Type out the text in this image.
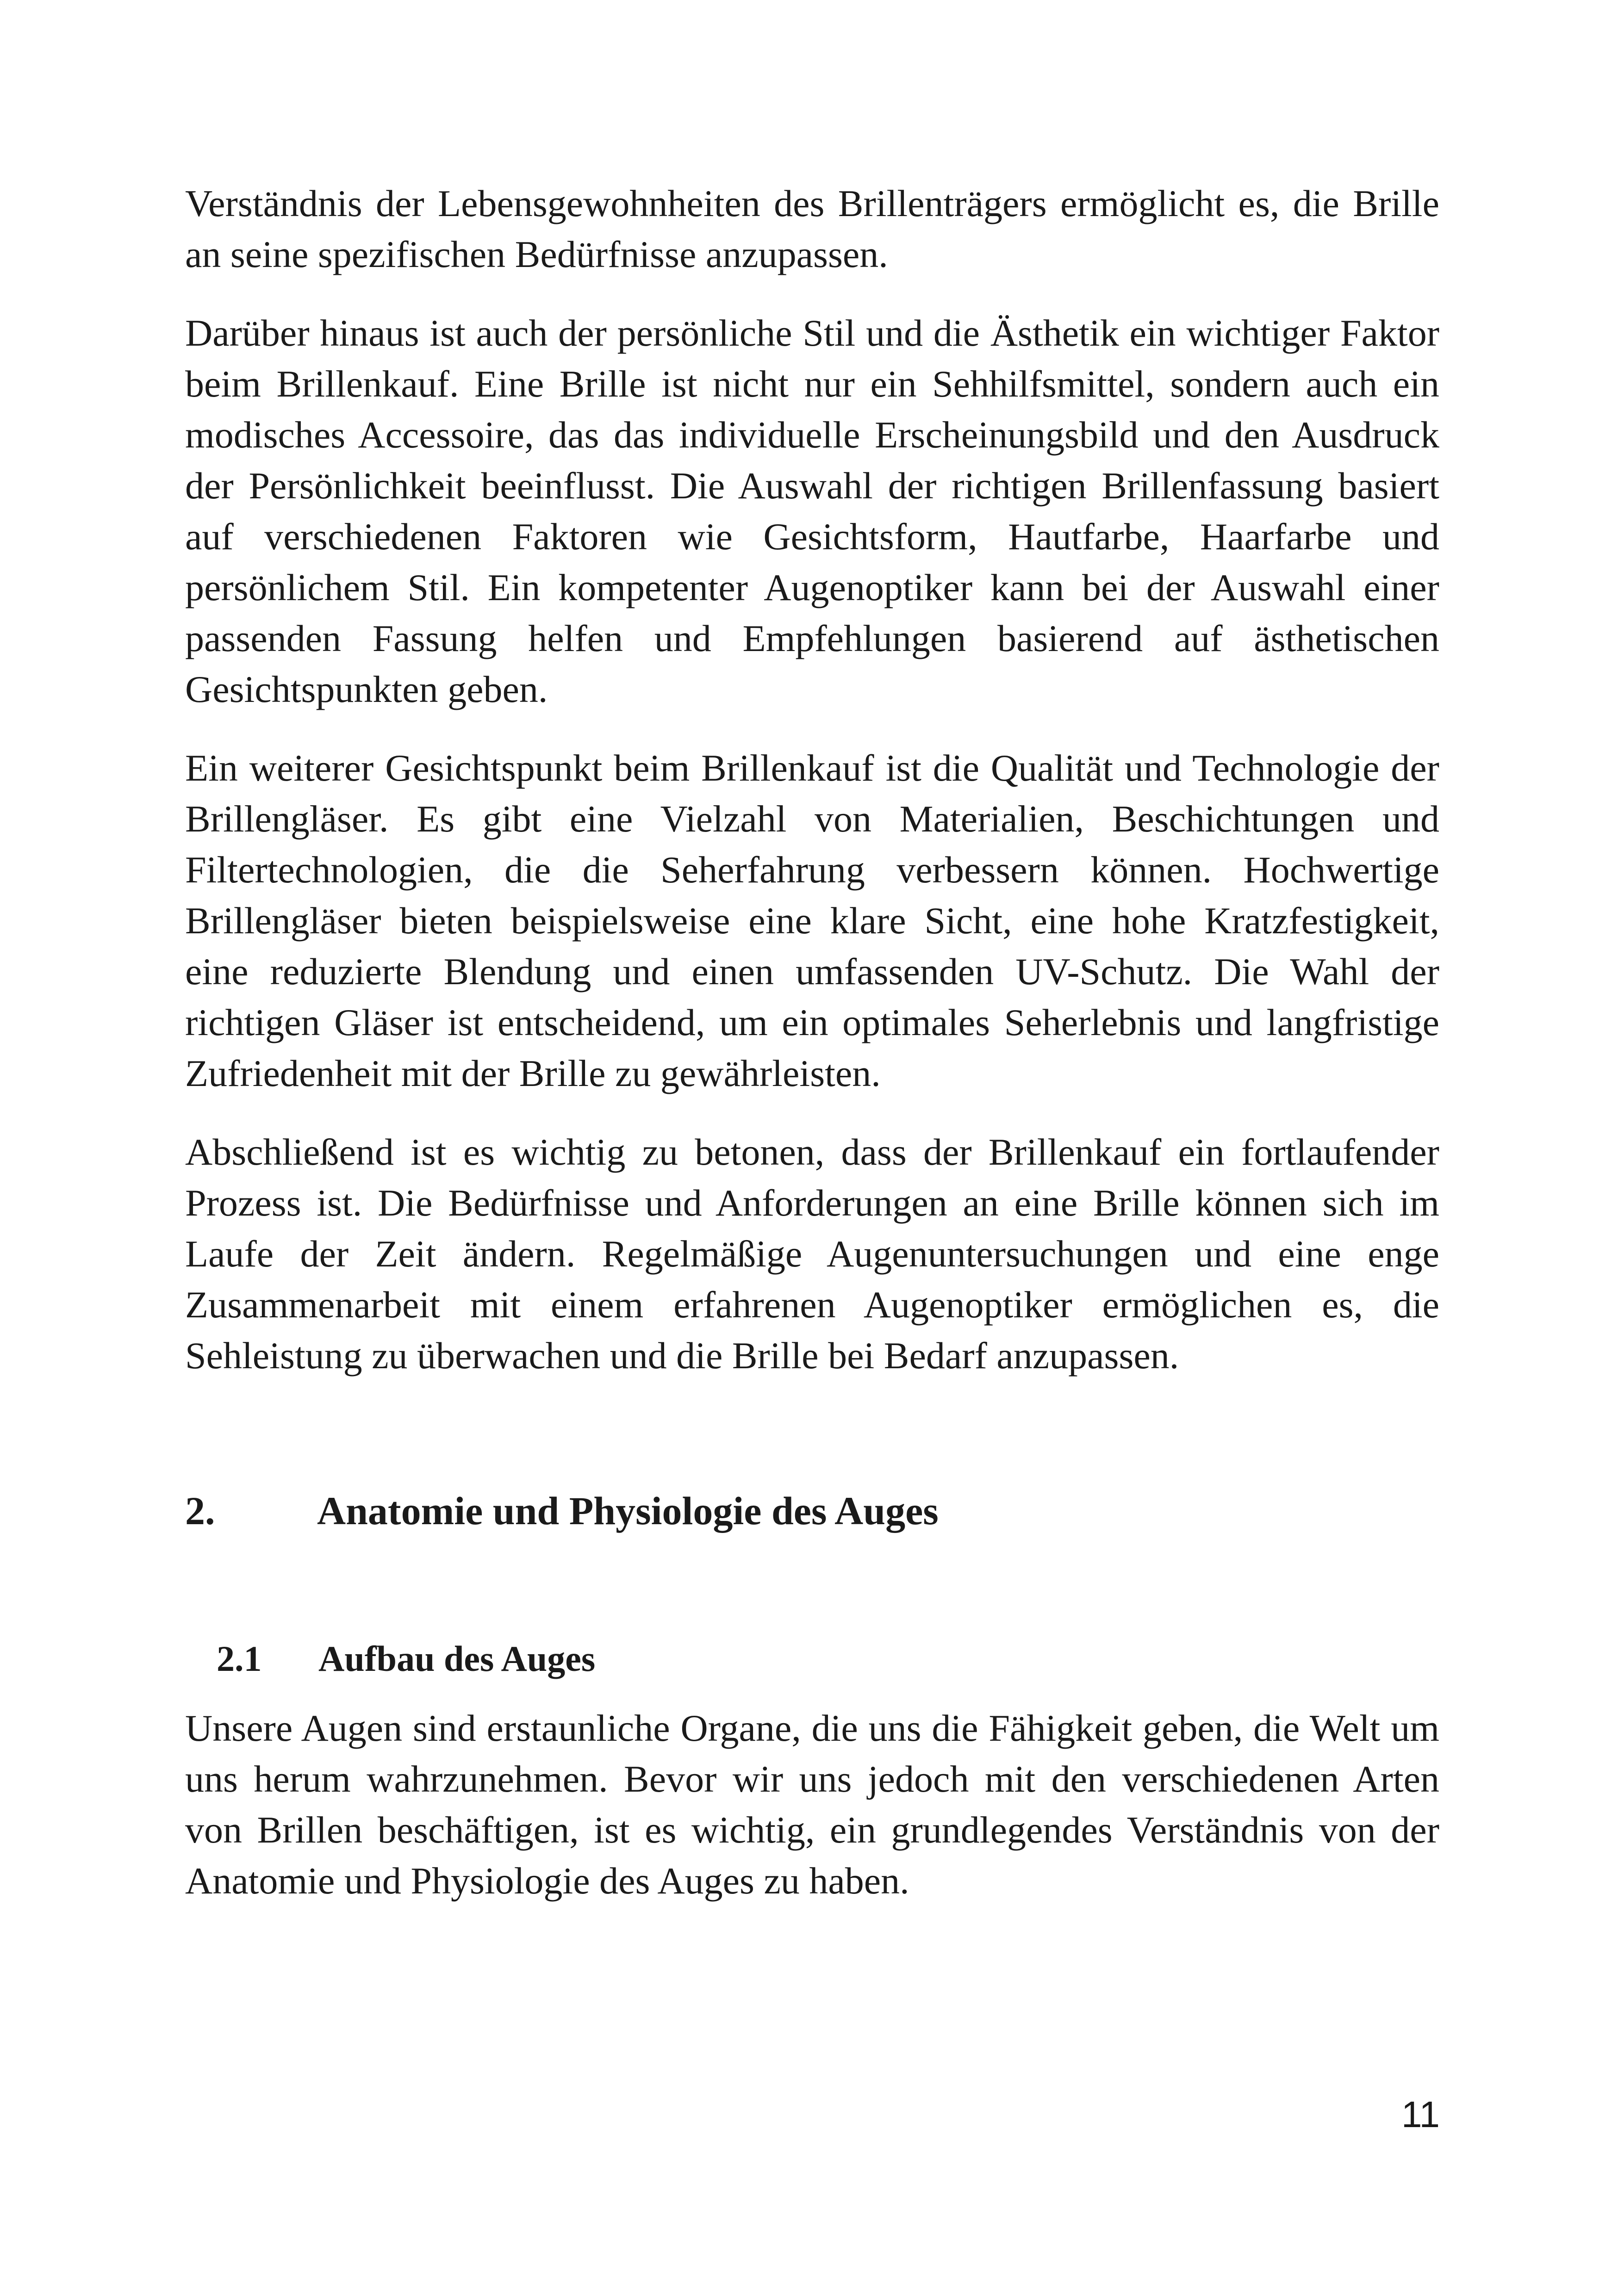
Verständnis der Lebensgewohnheiten des Brillenträgers ermöglicht es, die Brille an seine spezifischen Bedürfnisse anzupassen.

Darüber hinaus ist auch der persönliche Stil und die Ästhetik ein wichtiger Faktor beim Brillenkauf. Eine Brille ist nicht nur ein Sehhilfsmittel, sondern auch ein modisches Accessoire, das das individuelle Erscheinungsbild und den Ausdruck der Persönlichkeit beeinflusst. Die Auswahl der richtigen Brillenfassung basiert auf verschiedenen Faktoren wie Gesichtsform, Hautfarbe, Haarfarbe und persönlichem Stil. Ein kompetenter Augenoptiker kann bei der Auswahl einer passenden Fassung helfen und Empfehlungen basierend auf ästhetischen Gesichtspunkten geben.

Ein weiterer Gesichtspunkt beim Brillenkauf ist die Qualität und Technologie der Brillengläser. Es gibt eine Vielzahl von Materialien, Beschichtungen und Filtertechnologien, die die Seherfahrung verbessern können. Hochwertige Brillengläser bieten beispielsweise eine klare Sicht, eine hohe Kratzfestigkeit, eine reduzierte Blendung und einen umfassenden UV-Schutz. Die Wahl der richtigen Gläser ist entscheidend, um ein optimales Seherlebnis und langfristige Zufriedenheit mit der Brille zu gewährleisten.

Abschließend ist es wichtig zu betonen, dass der Brillenkauf ein fortlaufender Prozess ist. Die Bedürfnisse und Anforderungen an eine Brille können sich im Laufe der Zeit ändern. Regelmäßige Augenuntersuchungen und eine enge Zusammenarbeit mit einem erfahrenen Augenoptiker ermöglichen es, die Sehleistung zu überwachen und die Brille bei Bedarf anzupassen.

2.	Anatomie und Physiologie des Auges
2.1 Aufbau des Auges

Unsere Augen sind erstaunliche Organe, die uns die Fähigkeit geben, die Welt um uns herum wahrzunehmen. Bevor wir uns jedoch mit den verschiedenen Arten von Brillen beschäftigen, ist es wichtig, ein grundlegendes Verständnis von der Anatomie und Physiologie des Auges zu haben.

11
